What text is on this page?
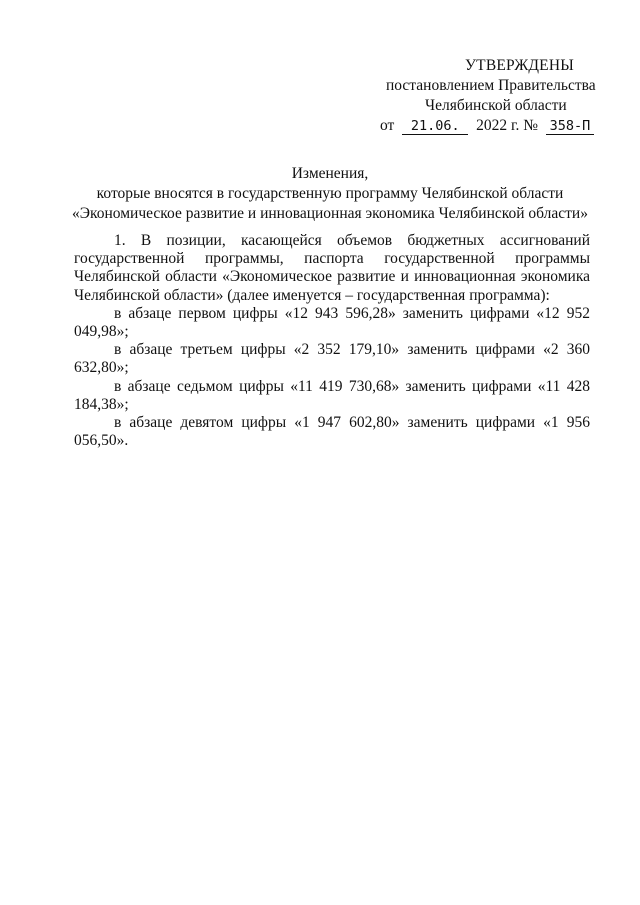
УТВЕРЖДЕНЫ
постановлением Правительства
Челябинской области
от 21.06. 2022 г. № 358-П
Изменения,
которые вносятся в государственную программу Челябинской области
«Экономическое развитие и инновационная экономика Челябинской области»

1. В позиции, касающейся объемов бюджетных ассигнований государственной программы, паспорта государственной программы Челябинской области «Экономическое развитие и инновационная экономика Челябинской области» (далее именуется – государственная программа):

в абзаце первом цифры «12 943 596,28» заменить цифрами «12 952 049,98»;

в абзаце третьем цифры «2 352 179,10» заменить цифрами «2 360 632,80»;

в абзаце седьмом цифры «11 419 730,68» заменить цифрами «11 428 184,38»;

в абзаце девятом цифры «1 947 602,80» заменить цифрами «1 956 056,50».
